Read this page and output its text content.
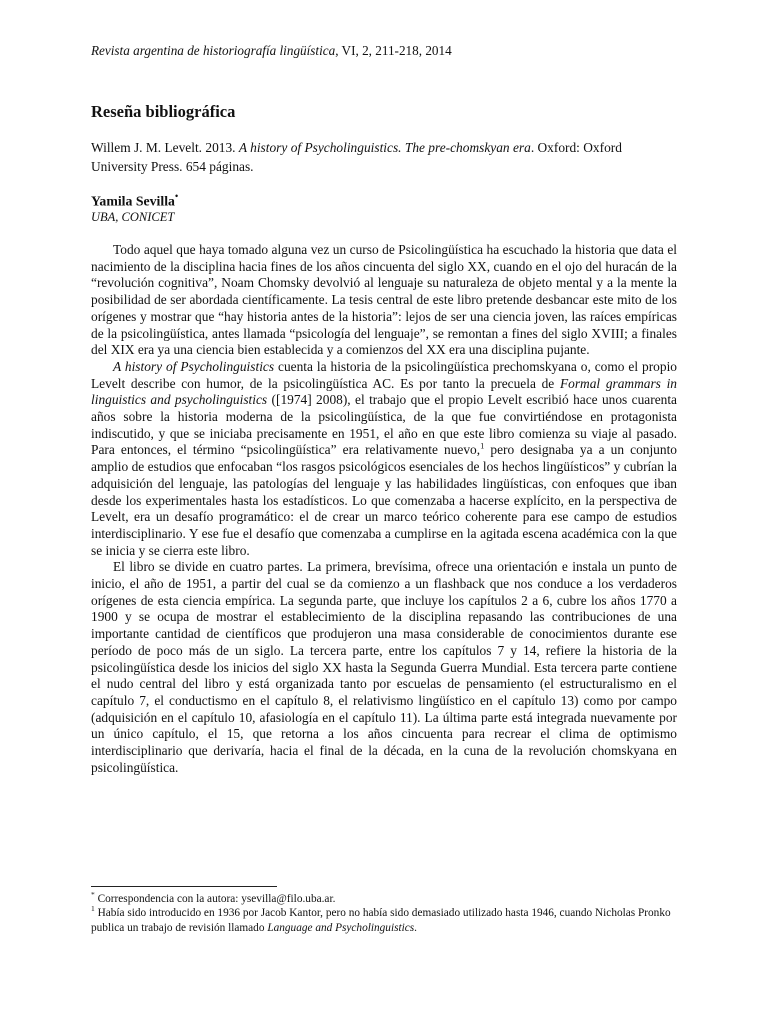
Revista argentina de historiografía lingüística, VI, 2, 211-218, 2014
Reseña bibliográfica
Willem J. M. Levelt. 2013. A history of Psycholinguistics. The pre-chomskyan era. Oxford: Oxford University Press. 654 páginas.
Yamila Sevilla•
UBA, CONICET

Todo aquel que haya tomado alguna vez un curso de Psicolingüística ha escuchado la historia que data el nacimiento de la disciplina hacia fines de los años cincuenta del siglo XX, cuando en el ojo del huracán de la “revolución cognitiva”, Noam Chomsky devolvió al lenguaje su naturaleza de objeto mental y a la mente la posibilidad de ser abordada científicamente. La tesis central de este libro pretende desbancar este mito de los orígenes y mostrar que “hay historia antes de la historia”: lejos de ser una ciencia joven, las raíces empíricas de la psicolingüística, antes llamada “psicología del lenguaje”, se remontan a fines del siglo XVIII; a finales del XIX era ya una ciencia bien establecida y a comienzos del XX era una disciplina pujante.

A history of Psycholinguistics cuenta la historia de la psicolingüística prechomskyana o, como el propio Levelt describe con humor, de la psicolingüística AC. Es por tanto la precuela de Formal grammars in linguistics and psycholinguistics ([1974] 2008), el trabajo que el propio Levelt escribió hace unos cuarenta años sobre la historia moderna de la psicolingüística, de la que fue convirtiéndose en protagonista indiscutido, y que se iniciaba precisamente en 1951, el año en que este libro comienza su viaje al pasado. Para entonces, el término “psicolingüística” era relativamente nuevo,$^1$ pero designaba ya a un conjunto amplio de estudios que enfocaban “los rasgos psicológicos esenciales de los hechos lingüísticos” y cubrían la adquisición del lenguaje, las patologías del lenguaje y las habilidades lingüísticas, con enfoques que iban desde los experimentales hasta los estadísticos. Lo que comenzaba a hacerse explícito, en la perspectiva de Levelt, era un desafío programático: el de crear un marco teórico coherente para ese campo de estudios interdisciplinario. Y ese fue el desafío que comenzaba a cumplirse en la agitada escena académica con la que se inicia y se cierra este libro.

El libro se divide en cuatro partes. La primera, brevísima, ofrece una orientación e instala un punto de inicio, el año de 1951, a partir del cual se da comienzo a un flashback que nos conduce a los verdaderos orígenes de esta ciencia empírica. La segunda parte, que incluye los capítulos 2 a 6, cubre los años 1770 a 1900 y se ocupa de mostrar el establecimiento de la disciplina repasando las contribuciones de una importante cantidad de científicos que produjeron una masa considerable de conocimientos durante ese período de poco más de un siglo. La tercera parte, entre los capítulos 7 y 14, refiere la historia de la psicolingüística desde los inicios del siglo XX hasta la Segunda Guerra Mundial. Esta tercera parte contiene el nudo central del libro y está organizada tanto por escuelas de pensamiento (el estructuralismo en el capítulo 7, el conductismo en el capítulo 8, el relativismo lingüístico en el capítulo 13) como por campo (adquisición en el capítulo 10, afasiología en el capítulo 11). La última parte está integrada nuevamente por un único capítulo, el 15, que retorna a los años cincuenta para recrear el clima de optimismo interdisciplinario que derivaría, hacia el final de la década, en la cuna de la revolución chomskyana en psicolingüística.

* Correspondencia con la autora: ysevilla@filo.uba.ar.

$^1$ Había sido introducido en 1936 por Jacob Kantor, pero no había sido demasiado utilizado hasta 1946, cuando Nicholas Pronko publica un trabajo de revisión llamado Language and Psycholinguistics.
